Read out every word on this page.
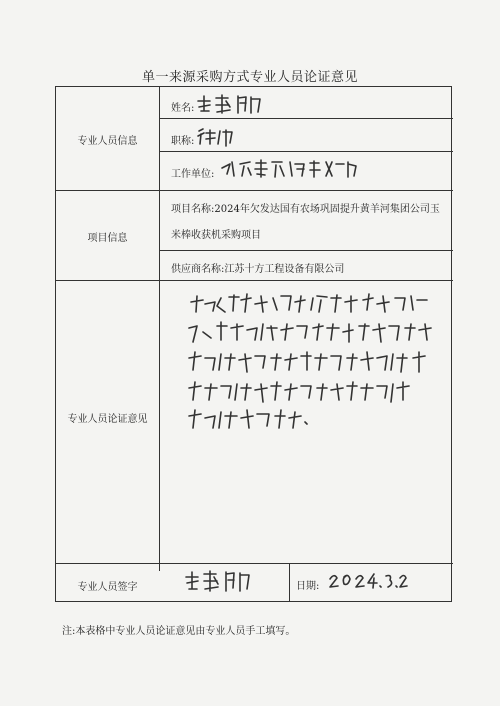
单一来源采购方式专业人员论证意见
专业人员信息
姓名:
职称:
工作单位:
项目信息
项目名称:2024年欠发达国有农场巩固提升黄羊河集团公司玉
米棒收获机采购项目
供应商名称:江苏十方工程设备有限公司
专业人员论证意见
专业人员签字	日期:
注:本表格中专业人员论证意见由专业人员手工填写。
